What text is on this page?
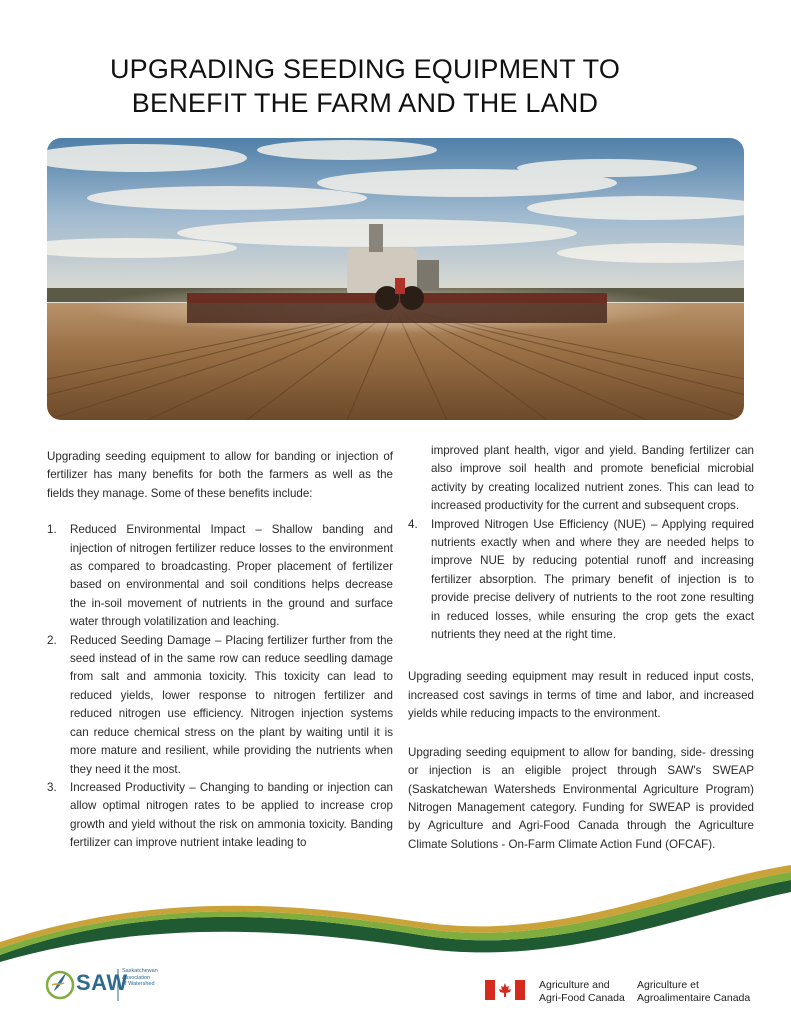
UPGRADING SEEDING EQUIPMENT TO
BENEFIT THE FARM AND THE LAND

Upgrading seeding equipment to allow for banding or injection of fertilizer has many benefits for both the farmers as well as the fields they manage. Some of these benefits include:

1. Reduced Environmental Impact – Shallow banding and injection of nitrogen fertilizer reduce losses to the environment as compared to broadcasting. Proper placement of fertilizer based on environmental and soil conditions helps decrease the in-soil movement of nutrients in the ground and surface water through volatilization and leaching.
2. Reduced Seeding Damage – Placing fertilizer further from the seed instead of in the same row can reduce seedling damage from salt and ammonia toxicity. This toxicity can lead to reduced yields, lower response to nitrogen fertilizer and reduced nitrogen use efficiency. Nitrogen injection systems can reduce chemical stress on the plant by waiting until it is more mature and resilient, while providing the nutrients when they need it the most.
3. Increased Productivity – Changing to banding or injection can allow optimal nitrogen rates to be applied to increase crop growth and yield without the risk on ammonia toxicity. Banding fertilizer can improve nutrient intake leading to
improved plant health, vigor and yield. Banding fertilizer can also improve soil health and promote beneficial microbial activity by creating localized nutrient zones. This can lead to increased productivity for the current and subsequent crops.
4. Improved Nitrogen Use Efficiency (NUE) – Applying required nutrients exactly when and where they are needed helps to improve NUE by reducing potential runoff and increasing fertilizer absorption. The primary benefit of injection is to provide precise delivery of nutrients to the root zone resulting in reduced losses, while ensuring the crop gets the exact nutrients they need at the right time.

Upgrading seeding equipment may result in reduced input costs, increased cost savings in terms of time and labor, and increased yields while reducing impacts to the environment.

Upgrading seeding equipment to allow for banding, side- dressing or injection is an eligible project through SAW's SWEAP (Saskatchewan Watersheds Environmental Agriculture Program) Nitrogen Management category. Funding for SWEAP is provided by Agriculture and Agri-Food Canada through the Agriculture Climate Solutions - On-Farm Climate Action Fund (OFCAF).

SAW
Saskatchewan
Association
of Watershed	Agriculture and
Agri-Food Canada
Agriculture et
Agroalimentaire Canada
